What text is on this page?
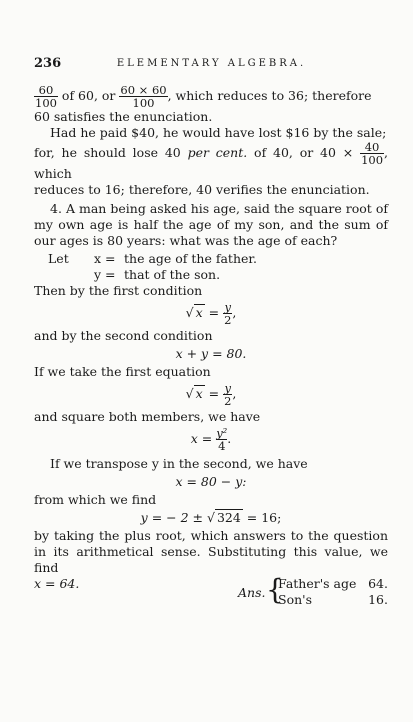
236	ELEMENTARY ALGEBRA.

$\frac{60}{100}$ of 60, or $\frac{60 \times 60}{100}$ , which reduces to 36; therefore
60 satisfies the enunciation.

Had he paid $40, he would have lost $16 by the sale;

for, he should lose 40 per cent. of 40, or $40 \times \frac{40}{100}$ , which
reduces to 16; therefore, 40 verifies the enunciation.

4. A man being asked his age, said the square root of my own age is half the age of my son, and the sum of our ages is 80 years: what was the age of each?

Let	x = the age of the father.
y = that of the son.

Then by the first condition

√ $x = \frac{y}{2}$ ,

and by the second condition

x + y = 80.

If we take the first equation

√ $x = \frac{y}{2}$ ,

and square both members, we have

$x = \frac{\text{y²}}{4}$ .

If we transpose y in the second, we have

x = 80 − y:

from which we find

y = − 2 ± √ 324 = 16;

by taking the plus root, which answers to the question in its arithmetical sense. Substituting this value, we find

x = 64.
Ans. {
Father's age 64.
Son's	16.
